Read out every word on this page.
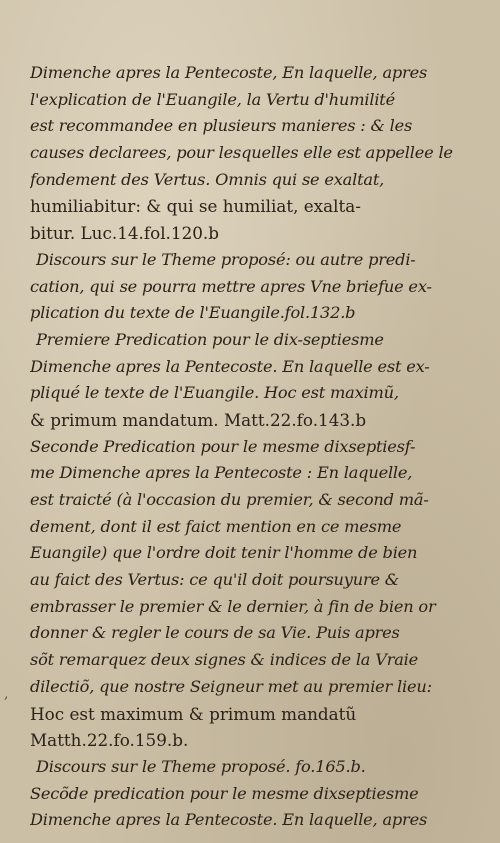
Dimenche apres la Pentecoste, En laquelle, apres
l'explication de l'Euangile, la Vertu d'humilité
est recommandee en plusieurs manieres : & les
causes declarees, pour lesquelles elle est appellee le
fondement des Vertus. Omnis qui se exaltat,
humiliabitur: & qui se humiliat, exalta-
bitur. Luc.14.fol.120.b
Discours sur le Theme proposé: ou autre predi-
cation, qui se pourra mettre apres Vne briefue ex-
plication du texte de l'Euangile.fol.132.b
Premiere Predication pour le dix-septiesme
Dimenche apres la Pentecoste. En laquelle est ex-
pliqué le texte de l'Euangile. Hoc est maximũ,
& primum mandatum. Matt.22.fo.143.b
Seconde Predication pour le mesme dixseptiesf-
me Dimenche apres la Pentecoste : En laquelle,
est traicté (à l'occasion du premier, & second mã-
dement, dont il est faict mention en ce mesme
Euangile) que l'ordre doit tenir l'homme de bien
au faict des Vertus: ce qu'il doit poursuyure &
embrasser le premier & le dernier, à fin de bien or
donner & regler le cours de sa Vie. Puis apres
sõt remarquez deux signes & indices de la Vraie
dilectiõ, que nostre Seigneur met au premier lieu:
Hoc est maximum & primum mandatũ
Matth.22.fo.159.b.
Discours sur le Theme proposé. fo.165.b.
Secõde predication pour le mesme dixseptiesme
Dimenche apres la Pentecoste. En laquelle, apres
,
